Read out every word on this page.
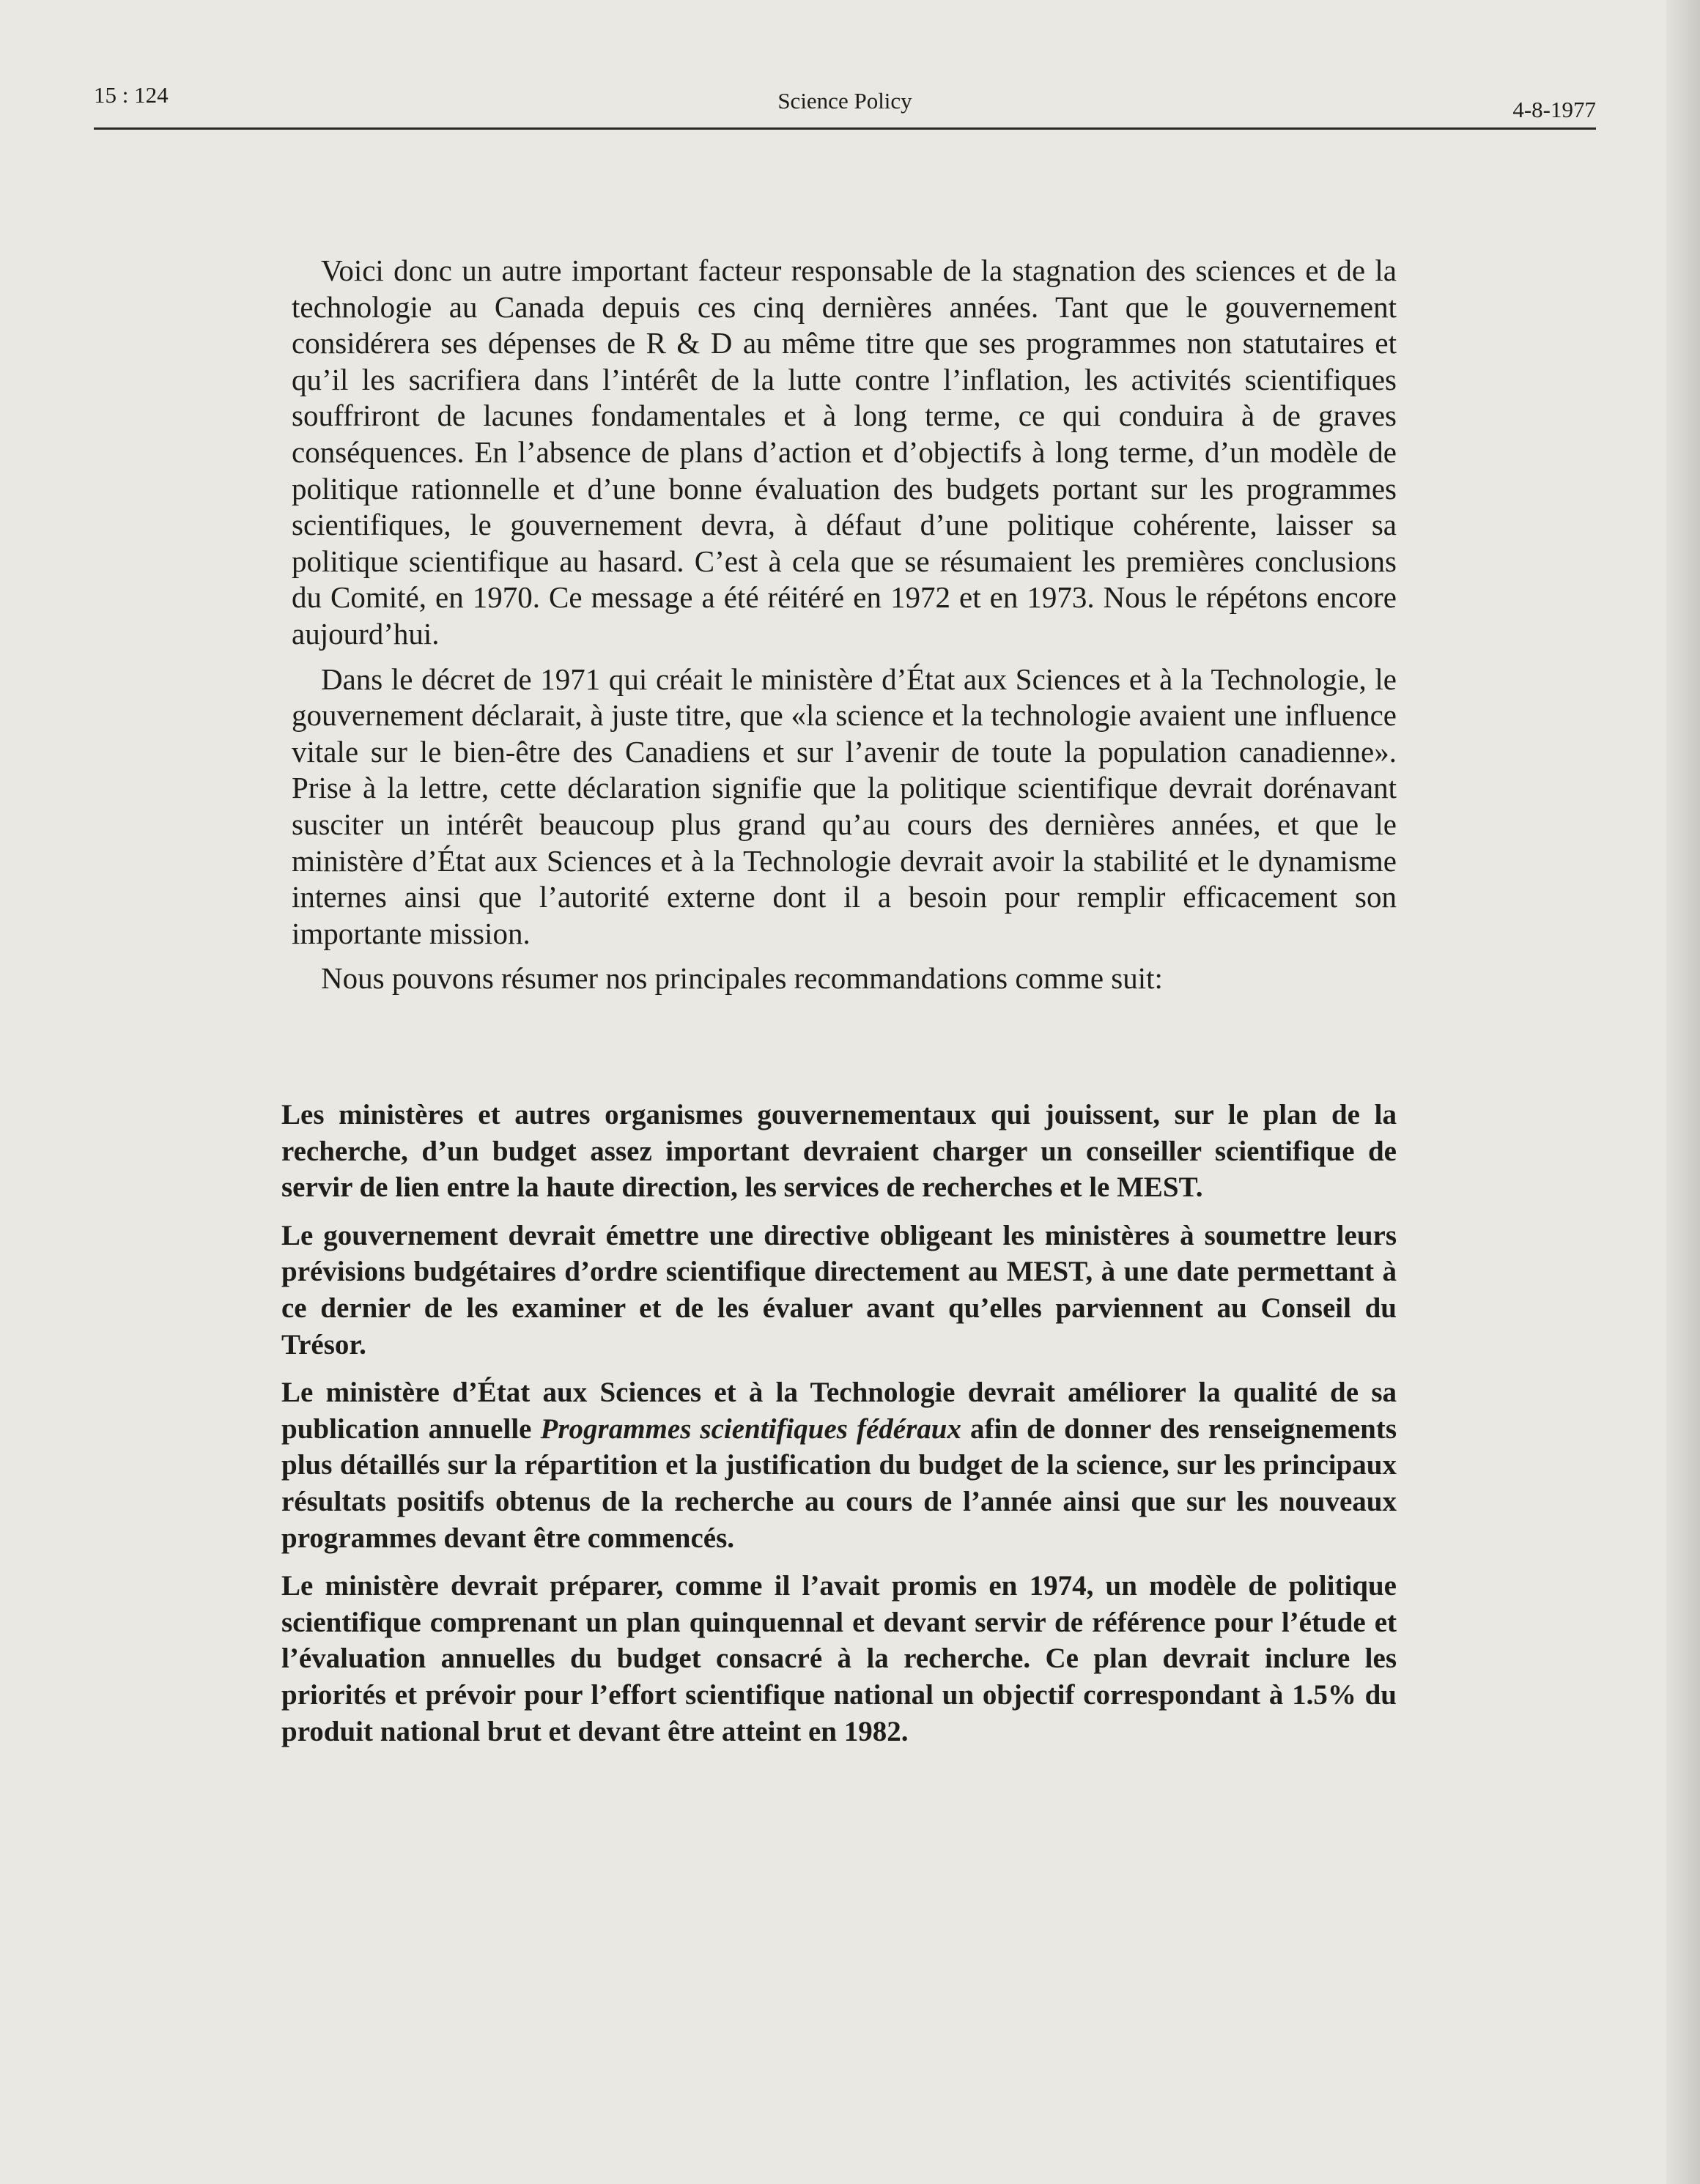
15 : 124	Science Policy	4-8-1977

Voici donc un autre important facteur responsable de la stagnation des sciences et de la technologie au Canada depuis ces cinq dernières années. Tant que le gouvernement considérera ses dépenses de R & D au même titre que ses programmes non statutaires et qu’il les sacrifiera dans l’intérêt de la lutte contre l’inflation, les activités scientifiques souffriront de lacunes fondamentales et à long terme, ce qui conduira à de graves conséquences. En l’absence de plans d’action et d’objectifs à long terme, d’un modèle de politique rationnelle et d’une bonne évaluation des budgets portant sur les programmes scientifiques, le gouvernement devra, à défaut d’une politique cohérente, laisser sa politique scientifique au hasard. C’est à cela que se résumaient les premières conclusions du Comité, en 1970. Ce message a été réitéré en 1972 et en 1973. Nous le répétons encore aujourd’hui.

Dans le décret de 1971 qui créait le ministère d’État aux Sciences et à la Technologie, le gouvernement déclarait, à juste titre, que «la science et la technologie avaient une influence vitale sur le bien-être des Canadiens et sur l’avenir de toute la population canadienne». Prise à la lettre, cette déclaration signifie que la politique scientifique devrait dorénavant susciter un intérêt beaucoup plus grand qu’au cours des dernières années, et que le ministère d’État aux Sciences et à la Technologie devrait avoir la stabilité et le dynamisme internes ainsi que l’autorité externe dont il a besoin pour remplir efficacement son importante mission.

Nous pouvons résumer nos principales recommandations comme suit:

Les ministères et autres organismes gouvernementaux qui jouissent, sur le plan de la recherche, d’un budget assez important devraient charger un conseiller scientifique de servir de lien entre la haute direction, les services de recherches et le MEST.

Le gouvernement devrait émettre une directive obligeant les ministères à soumettre leurs prévisions budgétaires d’ordre scientifique directement au MEST, à une date permettant à ce dernier de les examiner et de les évaluer avant qu’elles parviennent au Conseil du Trésor.

Le ministère d’État aux Sciences et à la Technologie devrait améliorer la qualité de sa publication annuelle Programmes scientifiques fédéraux afin de donner des renseignements plus détaillés sur la répartition et la justification du budget de la science, sur les principaux résultats positifs obtenus de la recherche au cours de l’année ainsi que sur les nouveaux programmes devant être commencés.

Le ministère devrait préparer, comme il l’avait promis en 1974, un modèle de politique scientifique comprenant un plan quinquennal et devant servir de référence pour l’étude et l’évaluation annuelles du budget consacré à la recherche. Ce plan devrait inclure les priorités et prévoir pour l’effort scientifique national un objectif correspondant à 1.5% du produit national brut et devant être atteint en 1982.
